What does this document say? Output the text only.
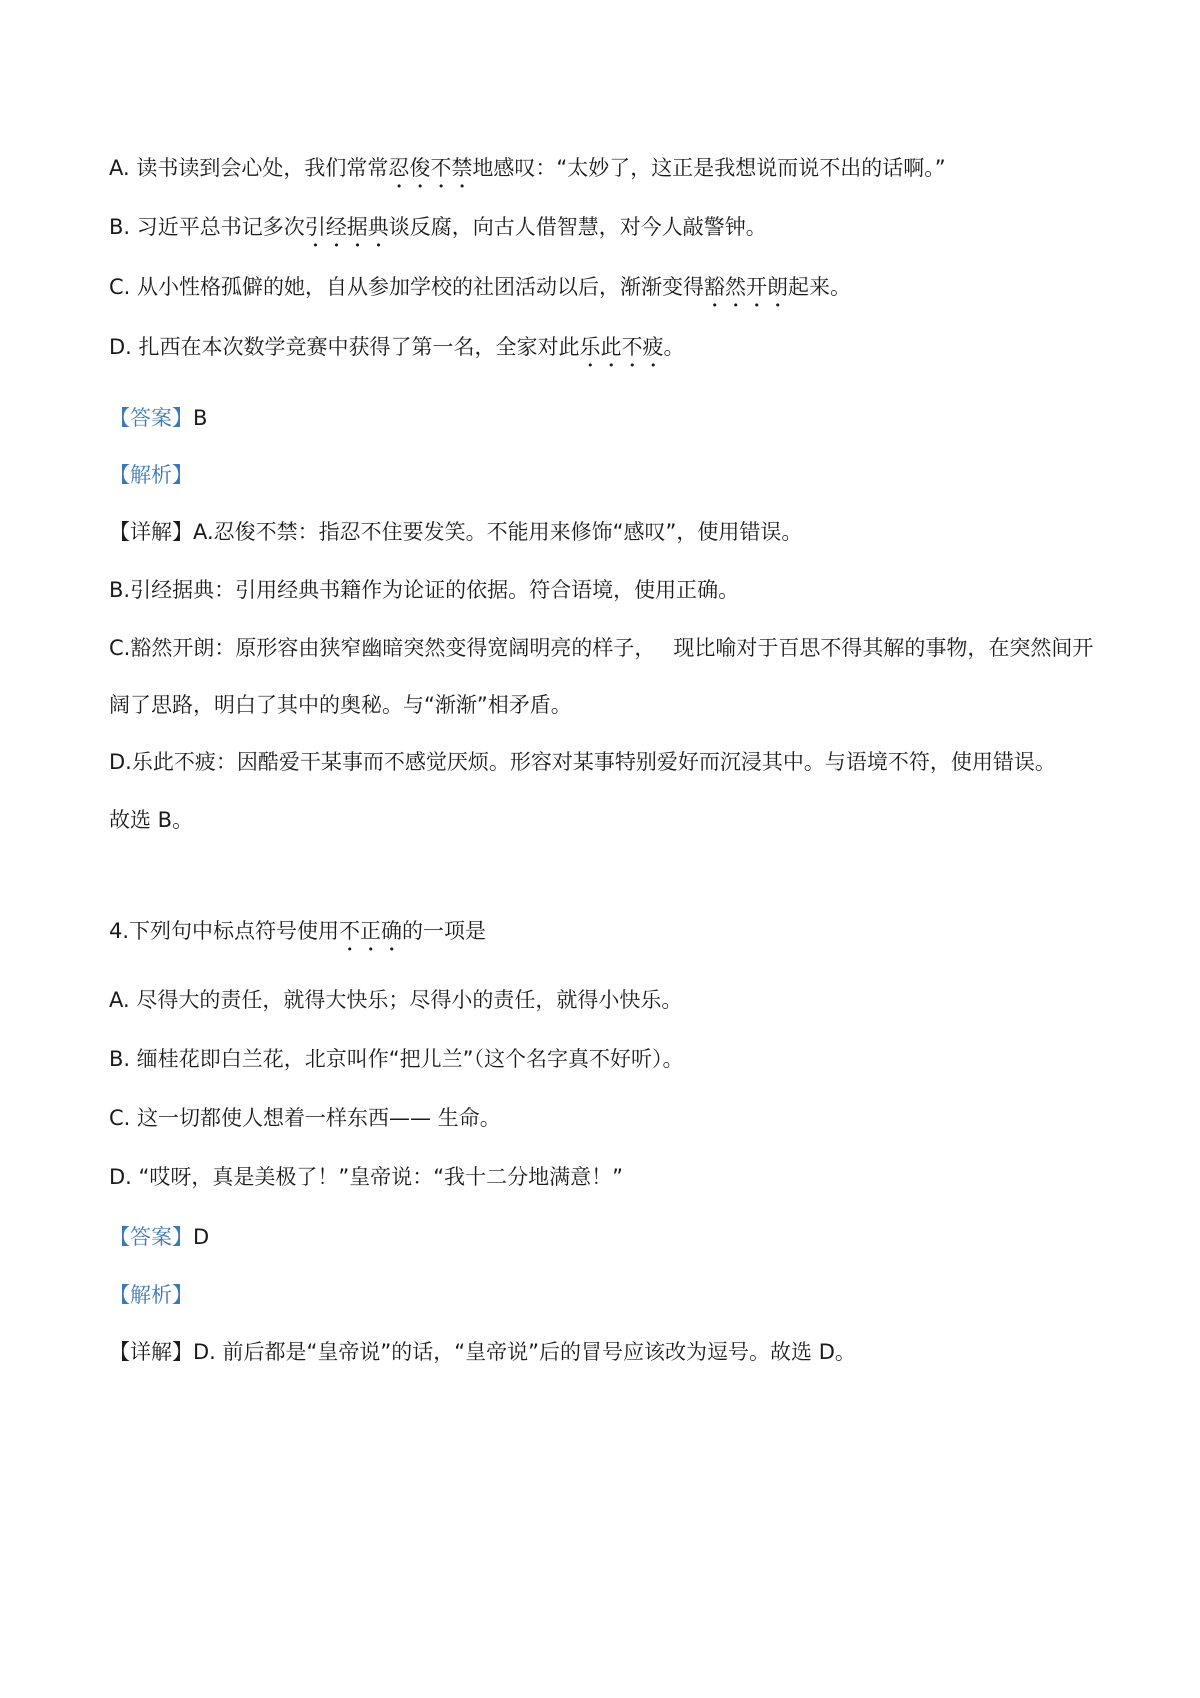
A. 读书读到会心处，我们常常忍俊不禁地感叹：“太妙了，这正是我想说而说不出的话啊。”
B. 习近平总书记多次引经据典谈反腐，向古人借智慧，对今人敲警钟。
C. 从小性格孤僻的她，自从参加学校的社团活动以后，渐渐变得豁然开朗起来。
D. 扎西在本次数学竞赛中获得了第一名，全家对此乐此不疲。
【答案】B
【解析】
【详解】A.忍俊不禁：指忍不住要发笑。不能用来修饰“感叹”，使用错误。
B.引经据典：引用经典书籍作为论证的依据。符合语境，使用正确。
C.豁然开朗：原形容由狭窄幽暗突然变得宽阔明亮的样子， 现比喻对于百思不得其解的事物，在突然间开
阔了思路，明白了其中的奥秘。与“渐渐”相矛盾。
D.乐此不疲：因酷爱干某事而不感觉厌烦。形容对某事特别爱好而沉浸其中。与语境不符，使用错误。
故选 B。
4.下列句中标点符号使用不正确的一项是
A. 尽得大的责任，就得大快乐；尽得小的责任，就得小快乐。
B. 缅桂花即白兰花，北京叫作“把儿兰”（这个名字真不好听）。
C. 这一切都使人想着一样东西—— 生命。
D. “哎呀，真是美极了！”皇帝说：“我十二分地满意！”
【答案】D
【解析】
【详解】D. 前后都是“皇帝说”的话，“皇帝说”后的冒号应该改为逗号。故选 D。
